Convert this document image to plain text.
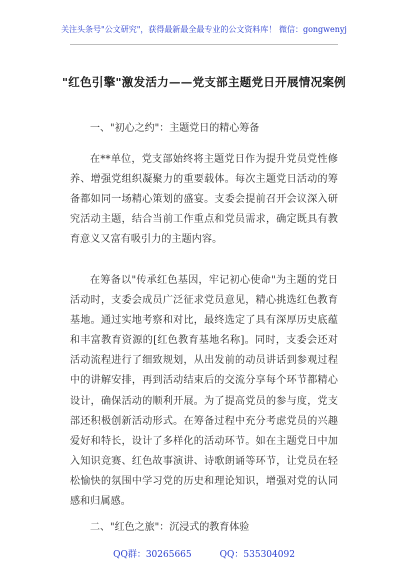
关注头条号"公文研究"，获得最新最全最专业的公文资料库！ 微信：gongwenyj
"红色引擎"激发活力——党支部主题党日开展情况案例
一、"初心之约"：主题党日的精心筹备

在**单位，党支部始终将主题党日作为提升党员党性修养、增强党组织凝聚力的重要载体。每次主题党日活动的筹备都如同一场精心策划的盛宴。支委会提前召开会议深入研究活动主题，结合当前工作重点和党员需求，确定既具有教育意义又富有吸引力的主题内容。

在筹备以"传承红色基因，牢记初心使命"为主题的党日活动时，支委会成员广泛征求党员意见，精心挑选红色教育基地。通过实地考察和对比，最终选定了具有深厚历史底蕴和丰富教育资源的[红色教育基地名称]。同时，支委会还对活动流程进行了细致规划，从出发前的动员讲话到参观过程中的讲解安排，再到活动结束后的交流分享每个环节都精心设计，确保活动的顺利开展。为了提高党员的参与度，党支部还积极创新活动形式。在筹备过程中充分考虑党员的兴趣爱好和特长，设计了多样化的活动环节。如在主题党日中加入知识竞赛、红色故事演讲、诗歌朗诵等环节，让党员在轻松愉快的氛围中学习党的历史和理论知识，增强对党的认同感和归属感。

二、"红色之旅"：沉浸式的教育体验
QQ群：30265665	QQ：535304092
